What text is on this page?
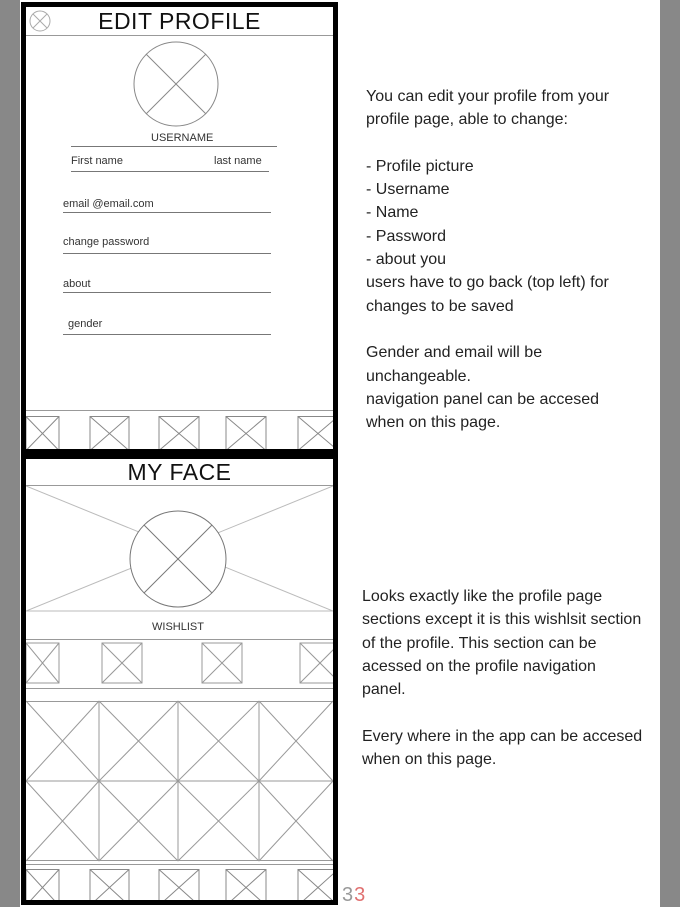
EDIT PROFILE
USERNAME
First name	last name
email @email.com
change password
about
gender
MY FACE
WISHLIST
You can edit your profile from your
profile page, able to change:

- Profile picture
- Username
- Name
- Password
- about you
users have to go back (top left) for
changes to be saved

Gender and email will be
unchangeable.
navigation panel can be accesed
when on this page.
Looks exactly like the profile page
sections except it is this wishlsit section
of the profile. This section can be
acessed on the profile navigation
panel.

Every where in the app can be accesed
when on this page.
33
